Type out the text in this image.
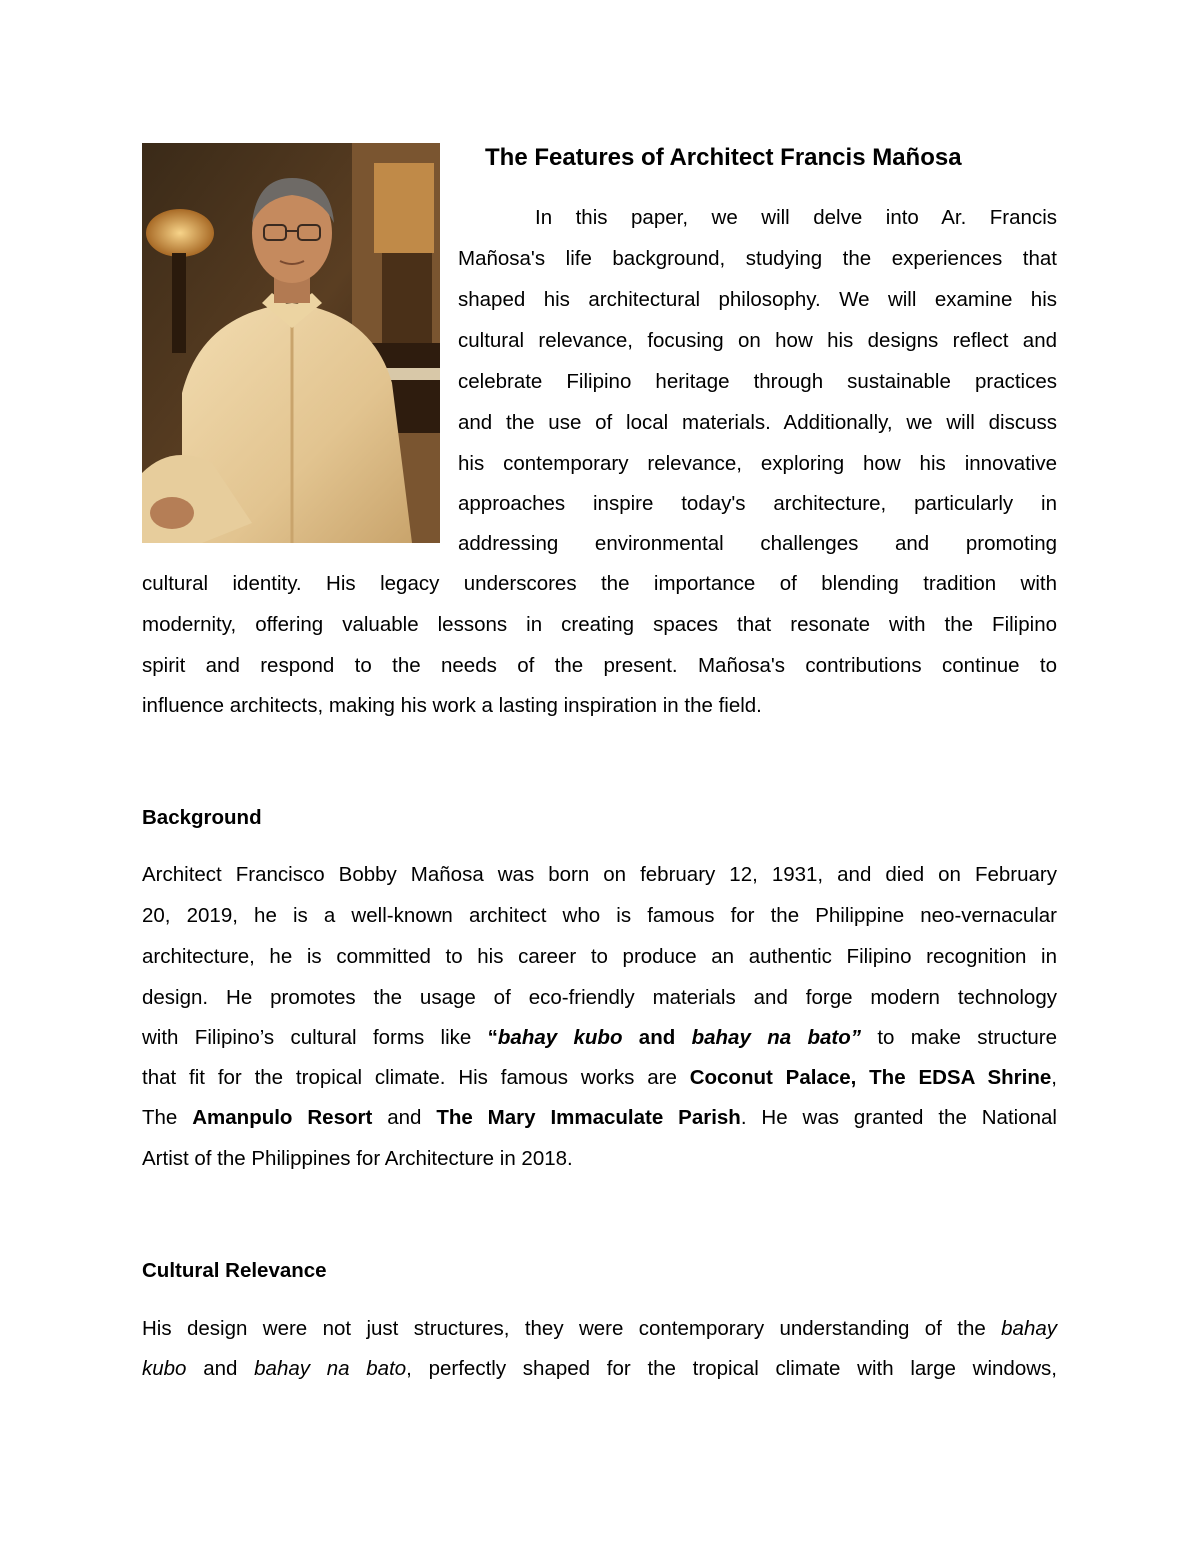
The Features of Architect Francis Mañosa
In this paper, we will delve into Ar. Francis
Mañosa's life background, studying the experiences that
shaped his architectural philosophy. We will examine his
cultural relevance, focusing on how his designs reflect and
celebrate Filipino heritage through sustainable practices
and the use of local materials. Additionally, we will discuss
his contemporary relevance, exploring how his innovative
approaches inspire today's architecture, particularly in
addressing environmental challenges and promoting
cultural identity. His legacy underscores the importance of blending tradition with
modernity, offering valuable lessons in creating spaces that resonate with the Filipino
spirit and respond to the needs of the present. Mañosa's contributions continue to
influence architects, making his work a lasting inspiration in the field.
Background
Architect Francisco Bobby Mañosa was born on february 12, 1931, and died on February
20, 2019, he is a well-known architect who is famous for the Philippine neo-vernacular
architecture, he is committed to his career to produce an authentic Filipino recognition in
design. He promotes the usage of eco-friendly materials and forge modern technology
with Filipino’s cultural forms like “bahay kubo and bahay na bato” to make structure
that fit for the tropical climate. His famous works are Coconut Palace, The EDSA Shrine,
The Amanpulo Resort and The Mary Immaculate Parish. He was granted the National
Artist of the Philippines for Architecture in 2018.
Cultural Relevance
His design were not just structures, they were contemporary understanding of the bahay
kubo and bahay na bato, perfectly shaped for the tropical climate with large windows,
